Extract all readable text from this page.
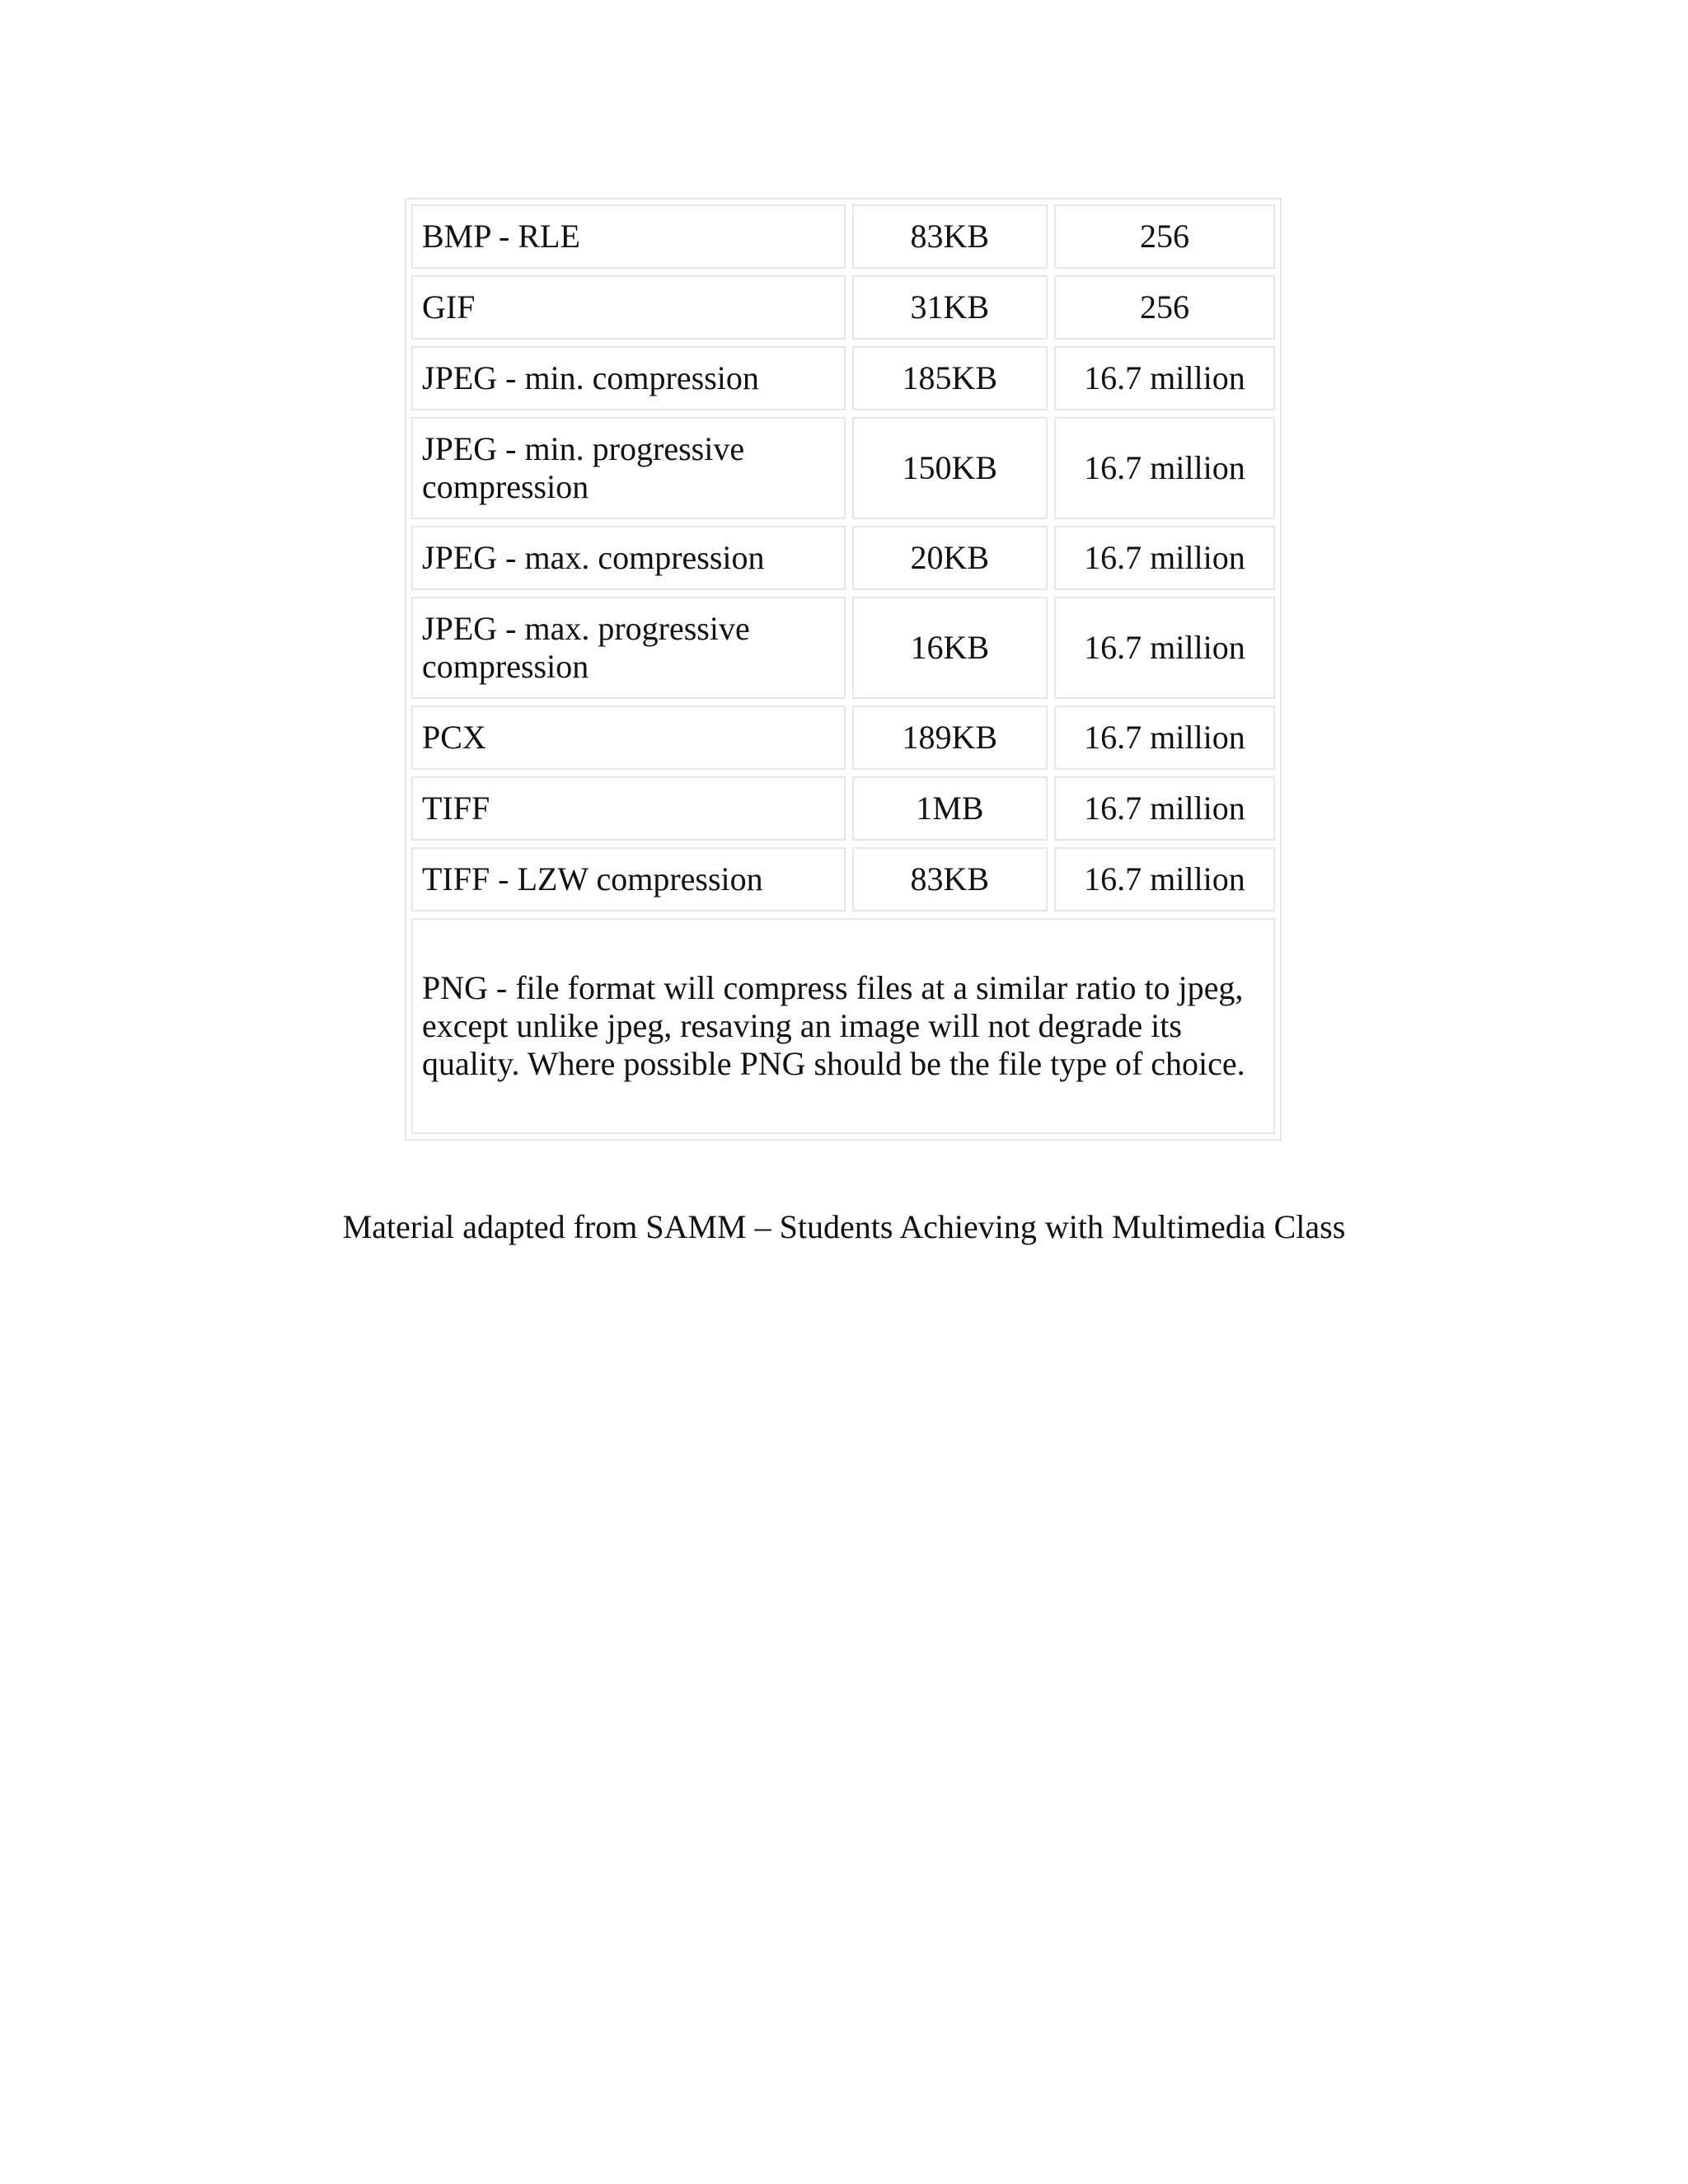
BMP - RLE	83KB	256
GIF	31KB	256
JPEG - min. compression	185KB	16.7 million
JPEG - min. progressive compression	150KB	16.7 million
JPEG - max. compression	20KB	16.7 million
JPEG - max. progressive compression	16KB	16.7 million
PCX	189KB	16.7 million
TIFF	1MB	16.7 million
TIFF - LZW compression	83KB	16.7 million
PNG - file format will compress files at a similar ratio to jpeg, except unlike jpeg, resaving an image will not degrade its quality. Where possible PNG should be the file type of choice.		
Material adapted from SAMM – Students Achieving with Multimedia Class
